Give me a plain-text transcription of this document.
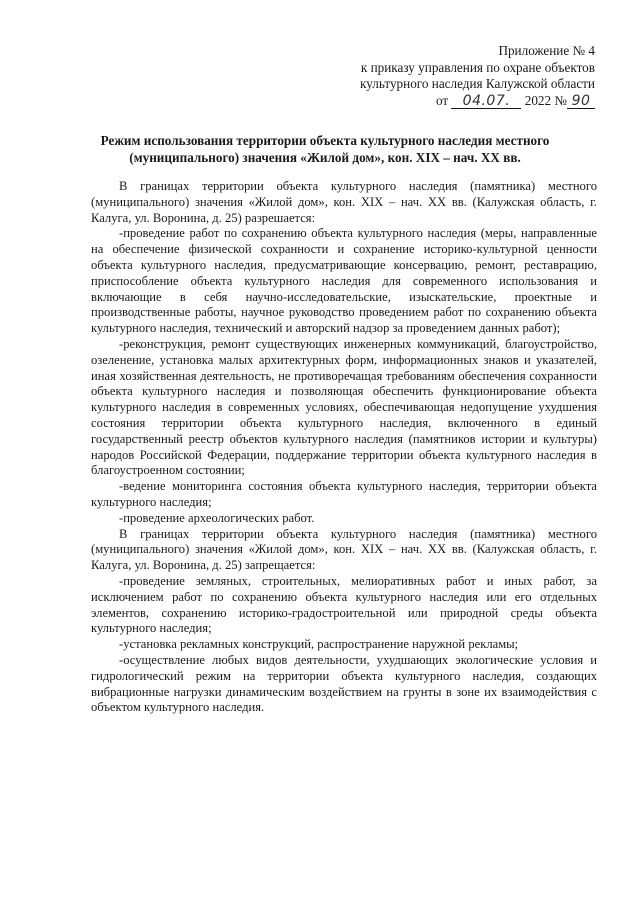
Приложение № 4
к приказу управления по охране объектов
культурного наследия Калужской области
от 04.07. 2022 № 90
Режим использования территории объекта культурного наследия местного
(муниципального) значения «Жилой дом», кон. XIX – нач. XX вв.

В границах территории объекта культурного наследия (памятника) местного (муниципального) значения «Жилой дом», кон. XIX – нач. XX вв. (Калужская область, г. Калуга, ул. Воронина, д. 25) разрешается:

-проведение работ по сохранению объекта культурного наследия (меры, направленные на обеспечение физической сохранности и сохранение историко-культурной ценности объекта культурного наследия, предусматривающие консервацию, ремонт, реставрацию, приспособление объекта культурного наследия для современного использования и включающие в себя научно-исследовательские, изыскательские, проектные и производственные работы, научное руководство проведением работ по сохранению объекта культурного наследия, технический и авторский надзор за проведением данных работ);

-реконструкция, ремонт существующих инженерных коммуникаций, благоустройство, озеленение, установка малых архитектурных форм, информационных знаков и указателей, иная хозяйственная деятельность, не противоречащая требованиям обеспечения сохранности объекта культурного наследия и позволяющая обеспечить функционирование объекта культурного наследия в современных условиях, обеспечивающая недопущение ухудшения состояния территории объекта культурного наследия, включенного в единый государственный реестр объектов культурного наследия (памятников истории и культуры) народов Российской Федерации, поддержание территории объекта культурного наследия в благоустроенном состоянии;

-ведение мониторинга состояния объекта культурного наследия, территории объекта культурного наследия;

-проведение археологических работ.

В границах территории объекта культурного наследия (памятника) местного (муниципального) значения «Жилой дом», кон. XIX – нач. XX вв. (Калужская область, г. Калуга, ул. Воронина, д. 25) запрещается:

-проведение земляных, строительных, мелиоративных работ и иных работ, за исключением работ по сохранению объекта культурного наследия или его отдельных элементов, сохранению историко-градостроительной или природной среды объекта культурного наследия;

-установка рекламных конструкций, распространение наружной рекламы;

-осуществление любых видов деятельности, ухудшающих экологические условия и гидрологический режим на территории объекта культурного наследия, создающих вибрационные нагрузки динамическим воздействием на грунты в зоне их взаимодействия с объектом культурного наследия.
